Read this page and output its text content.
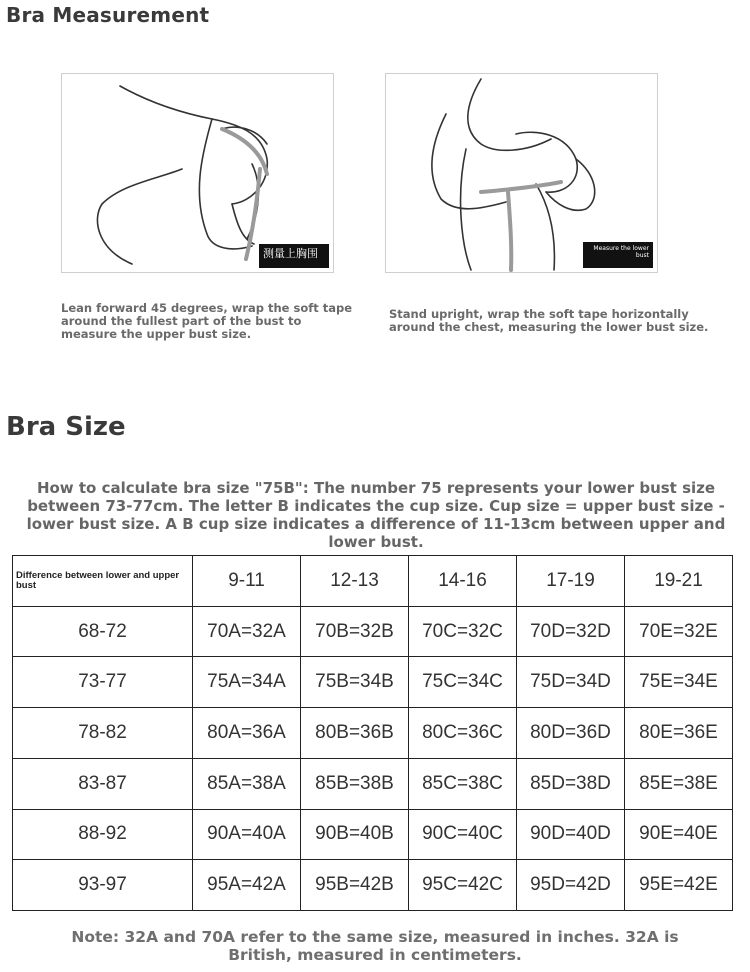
Bra Measurement
测量上胸围	Measure the lower bust
Lean forward 45 degrees, wrap the soft tape around the fullest part of the bust to measure the upper bust size.
Stand upright, wrap the soft tape horizontally around the chest, measuring the lower bust size.
Bra Size
How to calculate bra size "75B": The number 75 represents your lower bust size between 73-77cm. The letter B indicates the cup size. Cup size = upper bust size - lower bust size. A B cup size indicates a difference of 11-13cm between upper and lower bust.
Difference between lower and upper bust	9-11	12-13	14-16	17-19	19-21
68-72	70A=32A	70B=32B	70C=32C	70D=32D	70E=32E
73-77	75A=34A	75B=34B	75C=34C	75D=34D	75E=34E
78-82	80A=36A	80B=36B	80C=36C	80D=36D	80E=36E
83-87	85A=38A	85B=38B	85C=38C	85D=38D	85E=38E
88-92	90A=40A	90B=40B	90C=40C	90D=40D	90E=40E
93-97	95A=42A	95B=42B	95C=42C	95D=42D	95E=42E
Note: 32A and 70A refer to the same size, measured in inches. 32A is British, measured in centimeters.
